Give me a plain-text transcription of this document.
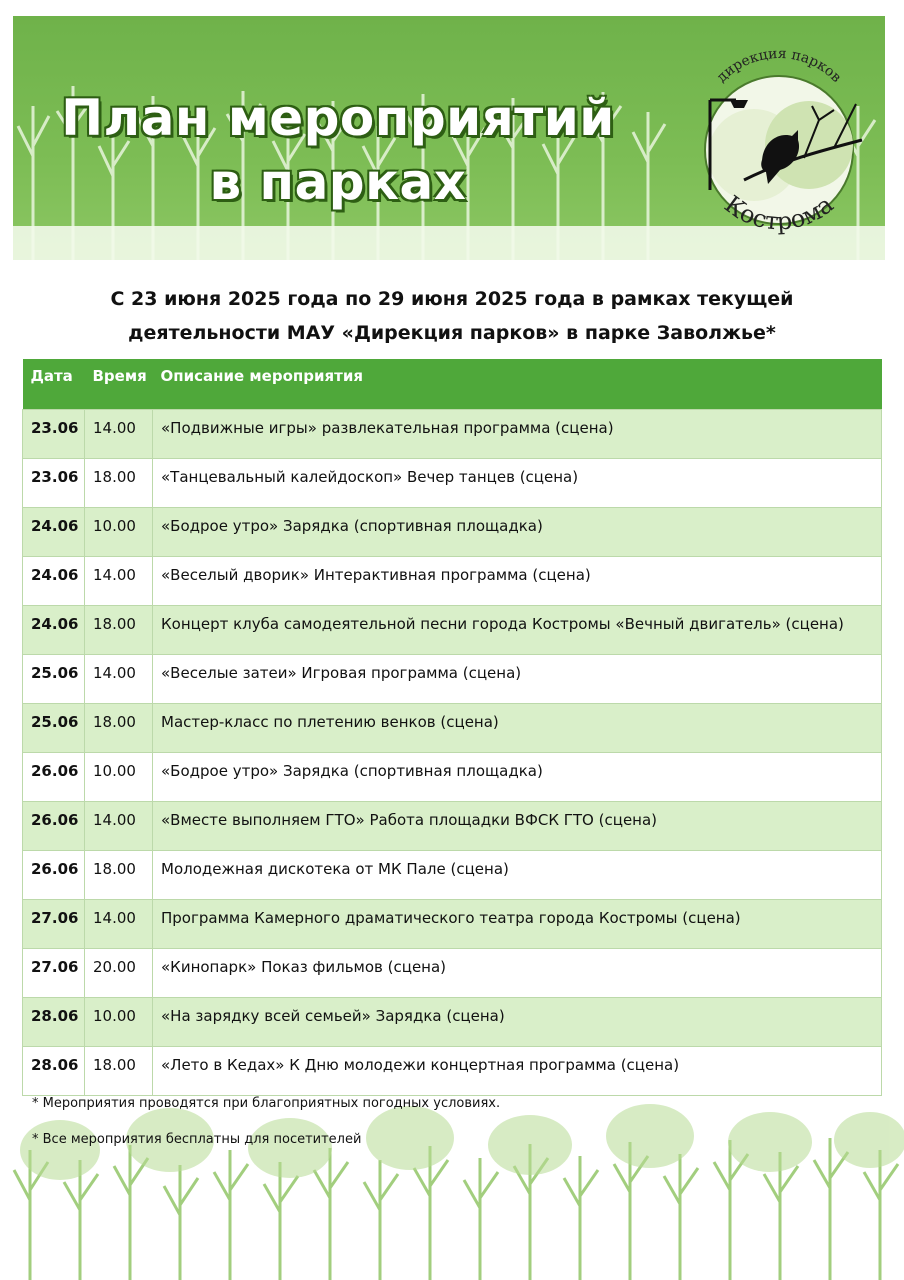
План мероприятий
в парках
дирекция парков
Кострома
С 23 июня 2025 года по 29 июня 2025 года в рамках текущей
деятельности МАУ «Дирекция парков» в парке Заволжье*
Дата	Время	Описание мероприятия
23.06	14.00	«Подвижные игры» развлекательная программа (сцена)
23.06	18.00	«Танцевальный калейдоскоп» Вечер танцев (сцена)
24.06	10.00	«Бодрое утро» Зарядка (спортивная площадка)
24.06	14.00	«Веселый дворик» Интерактивная программа (сцена)
24.06	18.00	Концерт клуба самодеятельной песни города Костромы «Вечный двигатель» (сцена)
25.06	14.00	«Веселые затеи» Игровая программа (сцена)
25.06	18.00	Мастер-класс по плетению венков (сцена)
26.06	10.00	«Бодрое утро» Зарядка (спортивная площадка)
26.06	14.00	«Вместе выполняем ГТО» Работа площадки ВФСК ГТО (сцена)
26.06	18.00	Молодежная дискотека от МК Пале (сцена)
27.06	14.00	Программа Камерного драматического театра города Костромы (сцена)
27.06	20.00	«Кинопарк» Показ фильмов (сцена)
28.06	10.00	«На зарядку всей семьей» Зарядка (сцена)
28.06	18.00	«Лето в Кедах» К Дню молодежи концертная программа (сцена)
* Мероприятия проводятся при благоприятных погодных условиях.
* Все мероприятия бесплатны для посетителей
